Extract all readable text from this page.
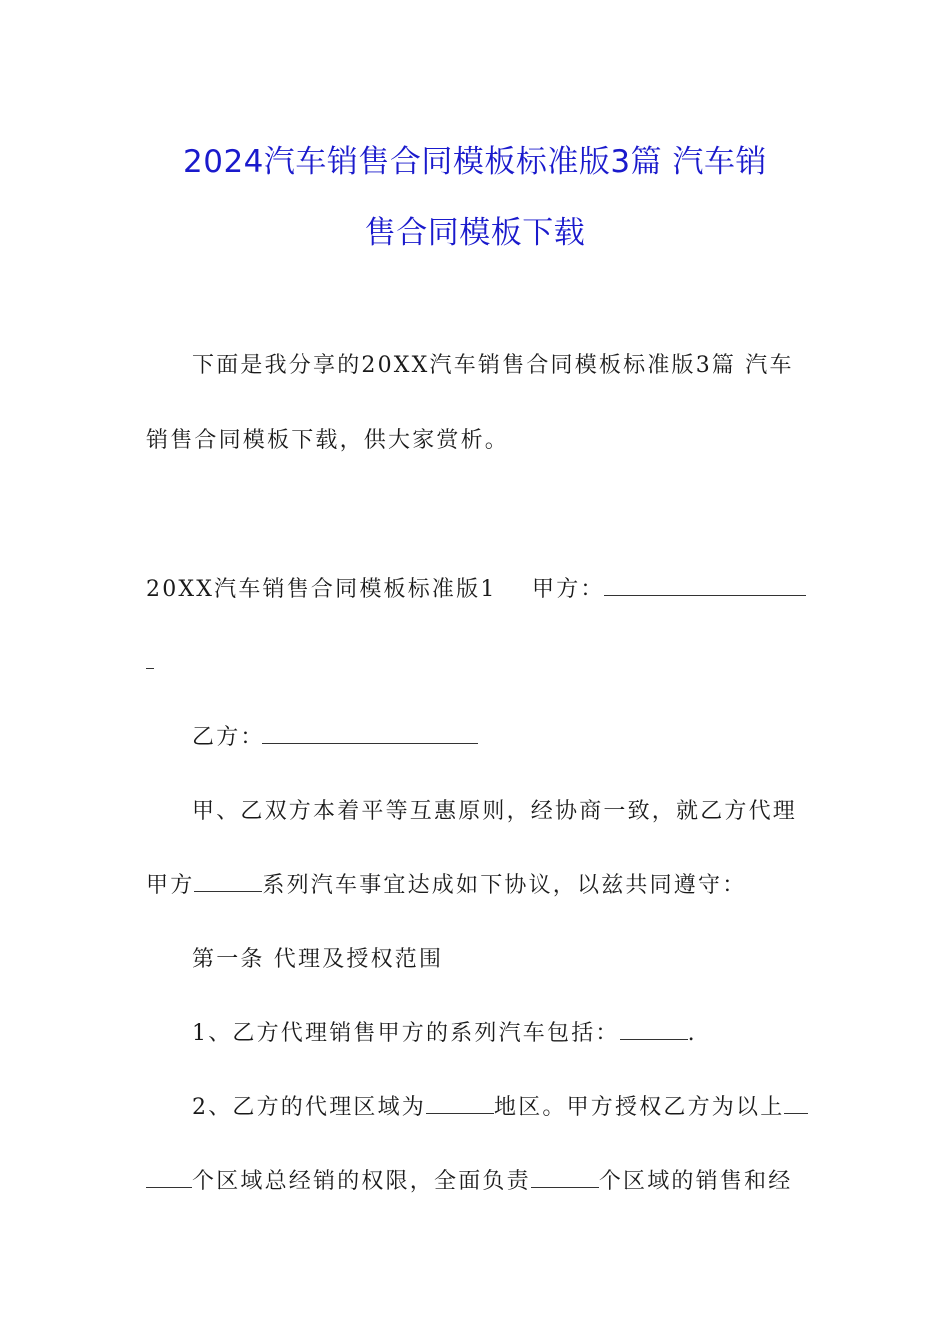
2024汽车销售合同模板标准版3篇 汽车销
售合同模板下载
下面是我分享的20XX汽车销售合同模板标准版3篇 汽车
销售合同模板下载，供大家赏析。
20XX汽车销售合同模板标准版1 甲方：
乙方：
甲、乙双方本着平等互惠原则，经协商一致，就乙方代理
甲方	系列汽车事宜达成如下协议，以兹共同遵守：
第一条 代理及授权范围
1、乙方代理销售甲方的系列汽车包括：	.
2、乙方的代理区域为	地区。甲方授权乙方为以上
个区域总经销的权限，全面负责	个区域的销售和经
